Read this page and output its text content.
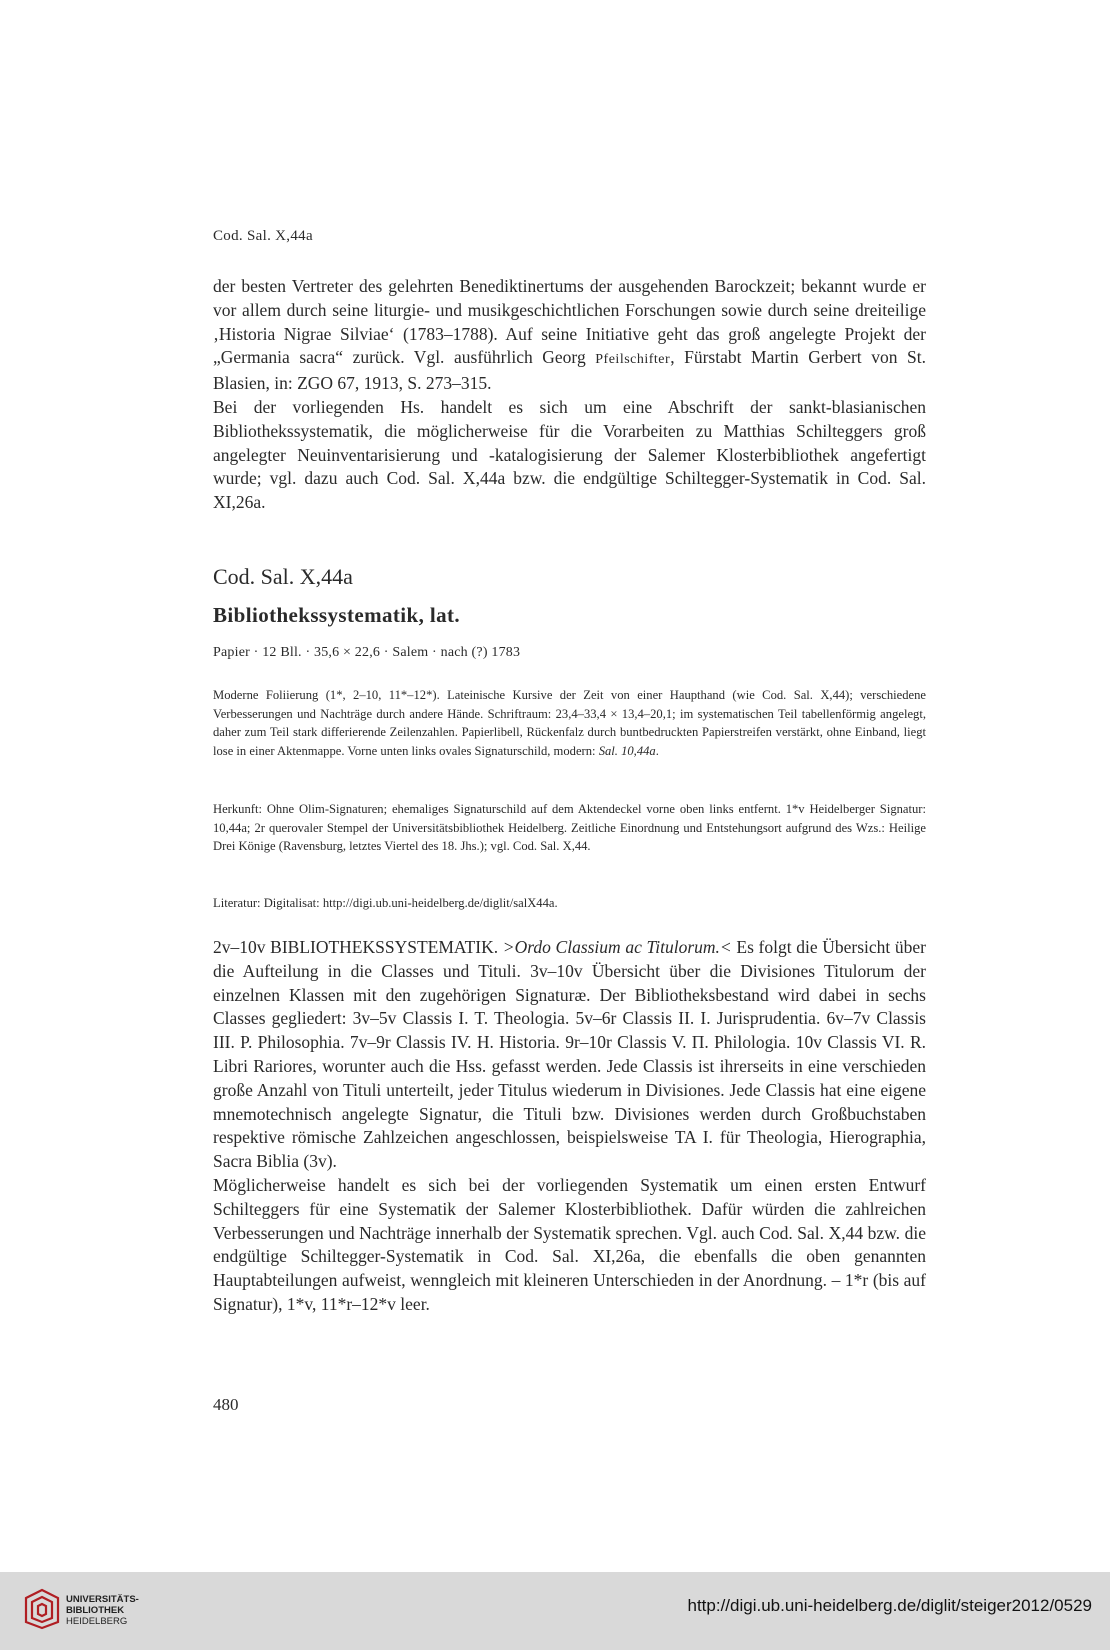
Cod. Sal. X,44a

der besten Vertreter des gelehrten Benediktinertums der ausgehenden Barockzeit; bekannt wurde er vor allem durch seine liturgie- und musikgeschichtlichen Forschungen sowie durch seine dreiteilige ‚Historia Nigrae Silviae‘ (1783–1788). Auf seine Initiative geht das groß angelegte Projekt der „Germania sacra“ zurück. Vgl. ausführlich Georg Pfeilschifter, Fürstabt Martin Gerbert von St. Blasien, in: ZGO 67, 1913, S. 273–315.

Bei der vorliegenden Hs. handelt es sich um eine Abschrift der sankt-blasianischen Bibliothekssystematik, die möglicherweise für die Vorarbeiten zu Matthias Schilteggers groß angelegter Neuinventarisierung und -katalogisierung der Salemer Klosterbibliothek angefertigt wurde; vgl. dazu auch Cod. Sal. X,44a bzw. die endgültige Schiltegger-Systematik in Cod. Sal. XI,26a.

Cod. Sal. X,44a
Bibliothekssystematik, lat.
Papier · 12 Bll. · 35,6 × 22,6 · Salem · nach (?) 1783

Moderne Foliierung (1*, 2–10, 11*–12*). Lateinische Kursive der Zeit von einer Haupthand (wie Cod. Sal. X,44); verschiedene Verbesserungen und Nachträge durch andere Hände. Schriftraum: 23,4–33,4 × 13,4–20,1; im systematischen Teil tabellenförmig angelegt, daher zum Teil stark differierende Zeilenzahlen. Papierlibell, Rückenfalz durch buntbedruckten Papierstreifen verstärkt, ohne Einband, liegt lose in einer Aktenmappe. Vorne unten links ovales Signaturschild, modern: Sal. 10,44a.

Herkunft: Ohne Olim-Signaturen; ehemaliges Signaturschild auf dem Aktendeckel vorne oben links entfernt. 1*v Heidelberger Signatur: 10,44a; 2r querovaler Stempel der Universitätsbibliothek Heidelberg. Zeitliche Einordnung und Entstehungsort aufgrund des Wzs.: Heilige Drei Könige (Ravensburg, letztes Viertel des 18. Jhs.); vgl. Cod. Sal. X,44.

Literatur: Digitalisat: http://digi.ub.uni-heidelberg.de/diglit/salX44a.

2v–10v BIBLIOTHEKSSYSTEMATIK. >Ordo Classium ac Titulorum.< Es folgt die Übersicht über die Aufteilung in die Classes und Tituli. 3v–10v Übersicht über die Divisiones Titulorum der einzelnen Klassen mit den zugehörigen Signaturæ. Der Bibliotheksbestand wird dabei in sechs Classes gegliedert: 3v–5v Classis I. T. Theologia. 5v–6r Classis II. I. Jurisprudentia. 6v–7v Classis III. P. Philosophia. 7v–9r Classis IV. H. Historia. 9r–10r Classis V. Π. Philologia. 10v Classis VI. R. Libri Rariores, worunter auch die Hss. gefasst werden. Jede Classis ist ihrerseits in eine verschieden große Anzahl von Tituli unterteilt, jeder Titulus wiederum in Divisiones. Jede Classis hat eine eigene mnemotechnisch angelegte Signatur, die Tituli bzw. Divisiones werden durch Großbuchstaben respektive römische Zahlzeichen angeschlossen, beispielsweise TA I. für Theologia, Hierographia, Sacra Biblia (3v).

Möglicherweise handelt es sich bei der vorliegenden Systematik um einen ersten Entwurf Schilteggers für eine Systematik der Salemer Klosterbibliothek. Dafür würden die zahlreichen Verbesserungen und Nachträge innerhalb der Systematik sprechen. Vgl. auch Cod. Sal. X,44 bzw. die endgültige Schiltegger-Systematik in Cod. Sal. XI,26a, die ebenfalls die oben genannten Hauptabteilungen aufweist, wenngleich mit kleineren Unterschieden in der Anordnung. – 1*r (bis auf Signatur), 1*v, 11*r–12*v leer.

480
UNIVERSITÄTS-
BIBLIOTHEK
HEIDELBERG
http://digi.ub.uni-heidelberg.de/diglit/steiger2012/0529
